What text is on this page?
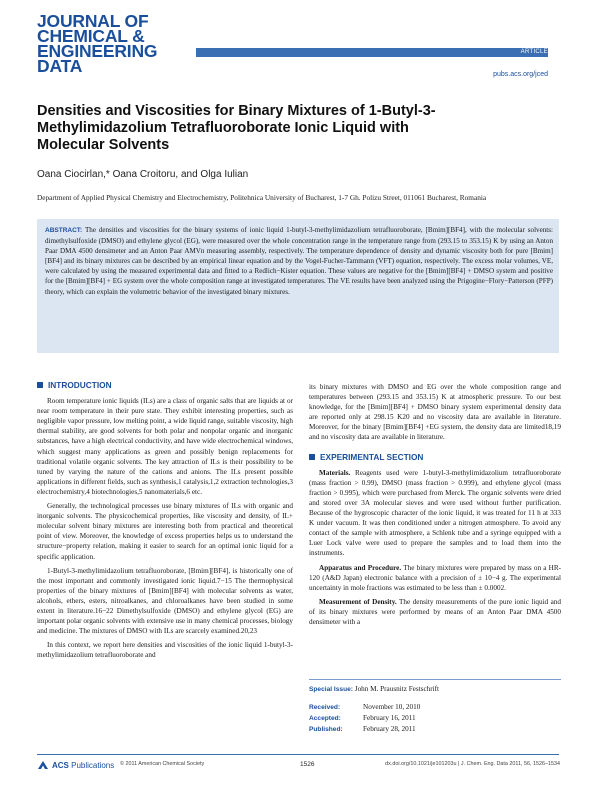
JOURNAL OF
CHEMICAL &
ENGINEERING
DATA
ARTICLE
pubs.acs.org/jced
Densities and Viscosities for Binary Mixtures of 1-Butyl-3-
Methylimidazolium Tetrafluoroborate Ionic Liquid with
Molecular Solvents
Oana Ciocirlan,* Oana Croitoru, and Olga Iulian
Department of Applied Physical Chemistry and Electrochemistry, Politehnica University of Bucharest, 1-7 Gh. Polizu Street, 011061 Bucharest, Romania
ABSTRACT: The densities and viscosities for the binary systems of ionic liquid 1-butyl-3-methylimidazolium tetrafluoroborate, [Bmim][BF4], with the molecular solvents: dimethylsulfoxide (DMSO) and ethylene glycol (EG), were measured over the whole concentration range in the temperature range from (293.15 to 353.15) K by using an Anton Paar DMA 4500 densimeter and an Anton Paar AMVn measuring assembly, respectively. The temperature dependence of density and dynamic viscosity both for pure [Bmim][BF4] and its binary mixtures can be described by an empirical linear equation and by the Vogel-Fucher-Tammann (VFT) equation, respectively. The excess molar volumes, VE, were calculated by using the measured experimental data and fitted to a Redlich−Kister equation. These values are negative for the [Bmim][BF4] + DMSO system and positive for the [Bmim][BF4] + EG system over the whole composition range at investigated temperatures. The VE results have been analyzed using the Prigogine−Flory−Patterson (PFP) theory, which can explain the volumetric behavior of the investigated binary mixtures.
INTRODUCTION

Room temperature ionic liquids (ILs) are a class of organic salts that are liquids at or near room temperature in their pure state. They exhibit interesting properties, such as negligible vapor pressure, low melting point, a wide liquid range, suitable viscosity, high thermal stability, are good solvents for both polar and nonpolar organic and inorganic substances, have a high electrical conductivity, and have wide electrochemical windows, which suggest many applications as green and possibly benign replacements for traditional volatile organic solvents. The key attraction of ILs is their possibility to be tuned by varying the nature of the cations and anions. The ILs present possible applications in different fields, such as synthesis,1 catalysis,1,2 extraction technologies,3 electrochemistry,4 biotechnologies,5 nanomaterials,6 etc.

Generally, the technological processes use binary mixtures of ILs with organic and inorganic solvents. The physicochemical properties, like viscosity and density, of IL+ molecular solvent binary mixtures are interesting both from practical and theoretical point of view. Moreover, the knowledge of excess properties helps us to understand the structure−property relation, making it easier to search for an optimal ionic liquid for a specific application.

1-Butyl-3-methylimidazolium tetrafluoroborate, [Bmim][BF4], is historically one of the most important and commonly investigated ionic liquid.7−15 The thermophysical properties of the binary mixtures of [Bmim][BF4] with molecular solvents as water, alcohols, ethers, esters, nitroalkanes, and chloroalkanes have been studied in some extent in literature.16−22 Dimethylsulfoxide (DMSO) and ethylene glycol (EG) are important polar organic solvents with extensive use in many chemical processes, biology and medicine. The mixtures of DMSO with ILs are scarcely examined.20,23

In this context, we report here densities and viscosities of the ionic liquid 1-butyl-3-methylimidazolium tetrafluoroborate and

its binary mixtures with DMSO and EG over the whole composition range and temperatures between (293.15 and 353.15) K at atmospheric pressure. To our best knowledge, for the [Bmim][BF4] + DMSO binary system experimental density data are reported only at 298.15 K20 and no viscosity data are available in literature. Moreover, for the binary [Bmim][BF4] +EG system, the density data are limited18,19 and no viscosity data are available in literature.

EXPERIMENTAL SECTION

Materials. Reagents used were 1-butyl-3-methylimidazolium tetrafluoroborate (mass fraction > 0.99), DMSO (mass fraction > 0.999), and ethylene glycol (mass fraction > 0.995), which were purchased from Merck. The organic solvents were dried and stored over 3A molecular sieves and were used without further purification. Because of the hygroscopic character of the ionic liquid, it was treated for 11 h at 333 K under vacuum. It was then conditioned under a nitrogen atmosphere. To avoid any contact of the sample with atmosphere, a Schlenk tube and a syringe equipped with a Luer Lock valve were used to prepare the samples and to load them into the instruments.

Apparatus and Procedure. The binary mixtures were prepared by mass on a HR-120 (A&D Japan) electronic balance with a precision of ± 10−4 g. The experimental uncertainty in mole fractions was estimated to be less than ± 0.0002.

Measurement of Density. The density measurements of the pure ionic liquid and of its binary mixtures were performed by means of an Anton Paar DMA 4500 densimeter with a

Special Issue: John M. Prausnitz Festschrift
Received:	November 10, 2010
Accepted:	February 16, 2011
Published:	February 28, 2011
ACS Publications © 2011 American Chemical Society	1526	dx.doi.org/10.1021/je101203u | J. Chem. Eng. Data 2011, 56, 1526–1534
